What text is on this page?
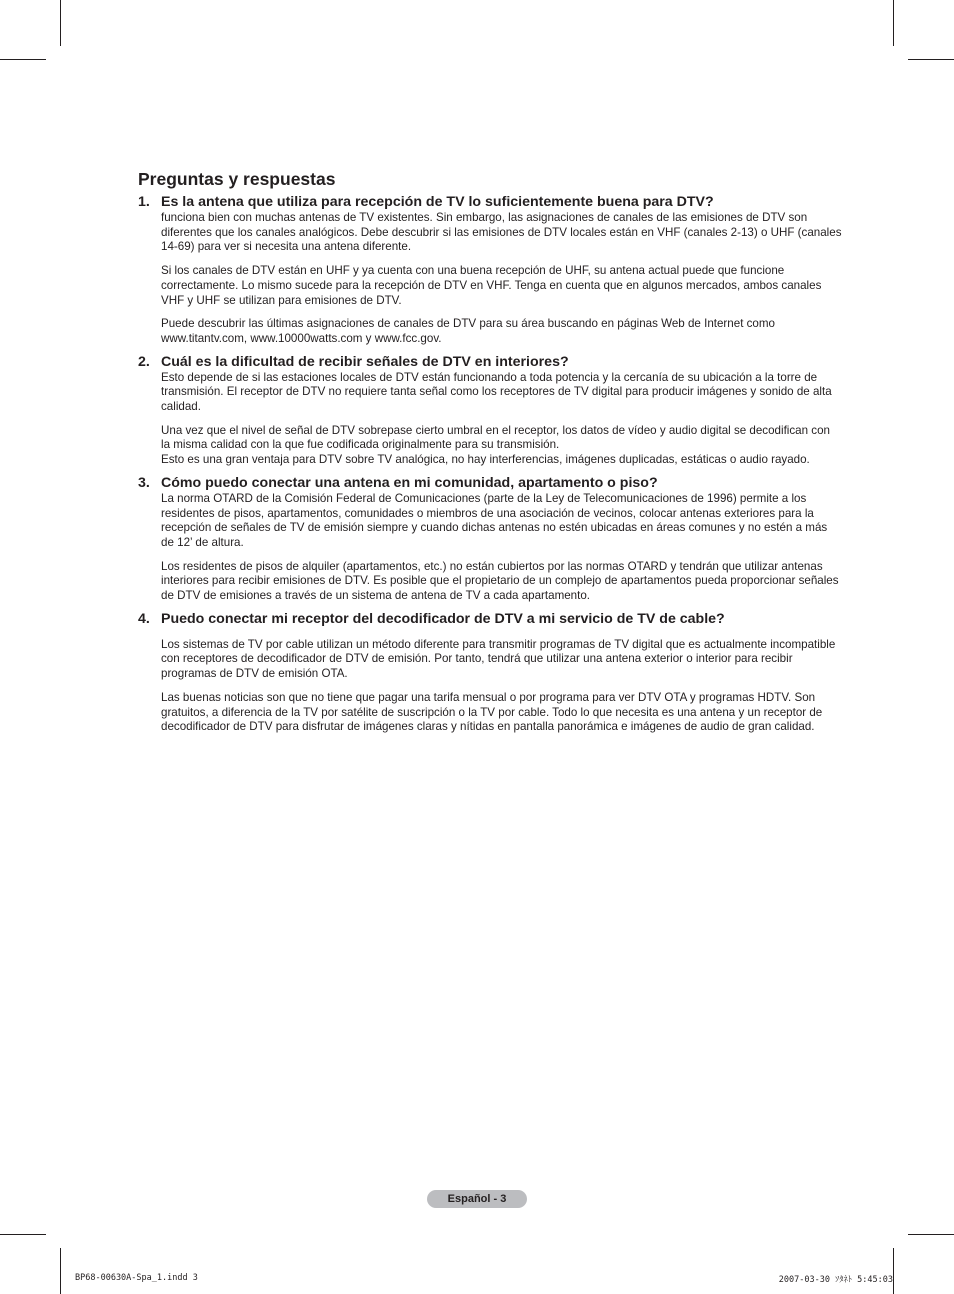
Preguntas y respuestas
1. Es la antena que utiliza para recepción de TV lo suficientemente buena para DTV?

funciona bien con muchas antenas de TV existentes. Sin embargo, las asignaciones de canales de las emisiones de DTV son diferentes que los canales analógicos. Debe descubrir si las emisiones de DTV locales están en VHF (canales 2-13) o UHF (canales 14-69) para ver si necesita una antena diferente.

Si los canales de DTV están en UHF y ya cuenta con una buena recepción de UHF, su antena actual puede que funcione correctamente. Lo mismo sucede para la recepción de DTV en VHF. Tenga en cuenta que en algunos mercados, ambos canales VHF y UHF se utilizan para emisiones de DTV.

Puede descubrir las últimas asignaciones de canales de DTV para su área buscando en páginas Web de Internet como www.titantv.com, www.10000watts.com y www.fcc.gov.

2. Cuál es la dificultad de recibir señales de DTV en interiores?

Esto depende de si las estaciones locales de DTV están funcionando a toda potencia y la cercanía de su ubicación a la torre de transmisión. El receptor de DTV no requiere tanta señal como los receptores de TV digital para producir imágenes y sonido de alta calidad.

Una vez que el nivel de señal de DTV sobrepase cierto umbral en el receptor, los datos de vídeo y audio digital se decodifican con la misma calidad con la que fue codificada originalmente para su transmisión.

Esto es una gran ventaja para DTV sobre TV analógica, no hay interferencias, imágenes duplicadas, estáticas o audio rayado.

3. Cómo puedo conectar una antena en mi comunidad, apartamento o piso?

La norma OTARD de la Comisión Federal de Comunicaciones (parte de la Ley de Telecomunicaciones de 1996) permite a los residentes de pisos, apartamentos, comunidades o miembros de una asociación de vecinos, colocar antenas exteriores para la recepción de señales de TV de emisión siempre y cuando dichas antenas no estén ubicadas en áreas comunes y no estén a más de 12’ de altura.

Los residentes de pisos de alquiler (apartamentos, etc.) no están cubiertos por las normas OTARD y tendrán que utilizar antenas interiores para recibir emisiones de DTV. Es posible que el propietario de un complejo de apartamentos pueda proporcionar señales de DTV de emisiones a través de un sistema de antena de TV a cada apartamento.

4. Puedo conectar mi receptor del decodificador de DTV a mi servicio de TV de cable?

Los sistemas de TV por cable utilizan un método diferente para transmitir programas de TV digital que es actualmente incompatible con receptores de decodificador de DTV de emisión. Por tanto, tendrá que utilizar una antena exterior o interior para recibir programas de DTV de emisión OTA.

Las buenas noticias son que no tiene que pagar una tarifa mensual o por programa para ver DTV OTA y programas HDTV. Son gratuitos, a diferencia de la TV por satélite de suscripción o la TV por cable. Todo lo que necesita es una antena y un receptor de decodificador de DTV para disfrutar de imágenes claras y nítidas en pantalla panorámica e imágenes de audio de gran calidad.

Español - 3
BP68-00630A-Spa_1.indd 3	2007-03-30 ｿﾀﾈﾄ 5:45:03
